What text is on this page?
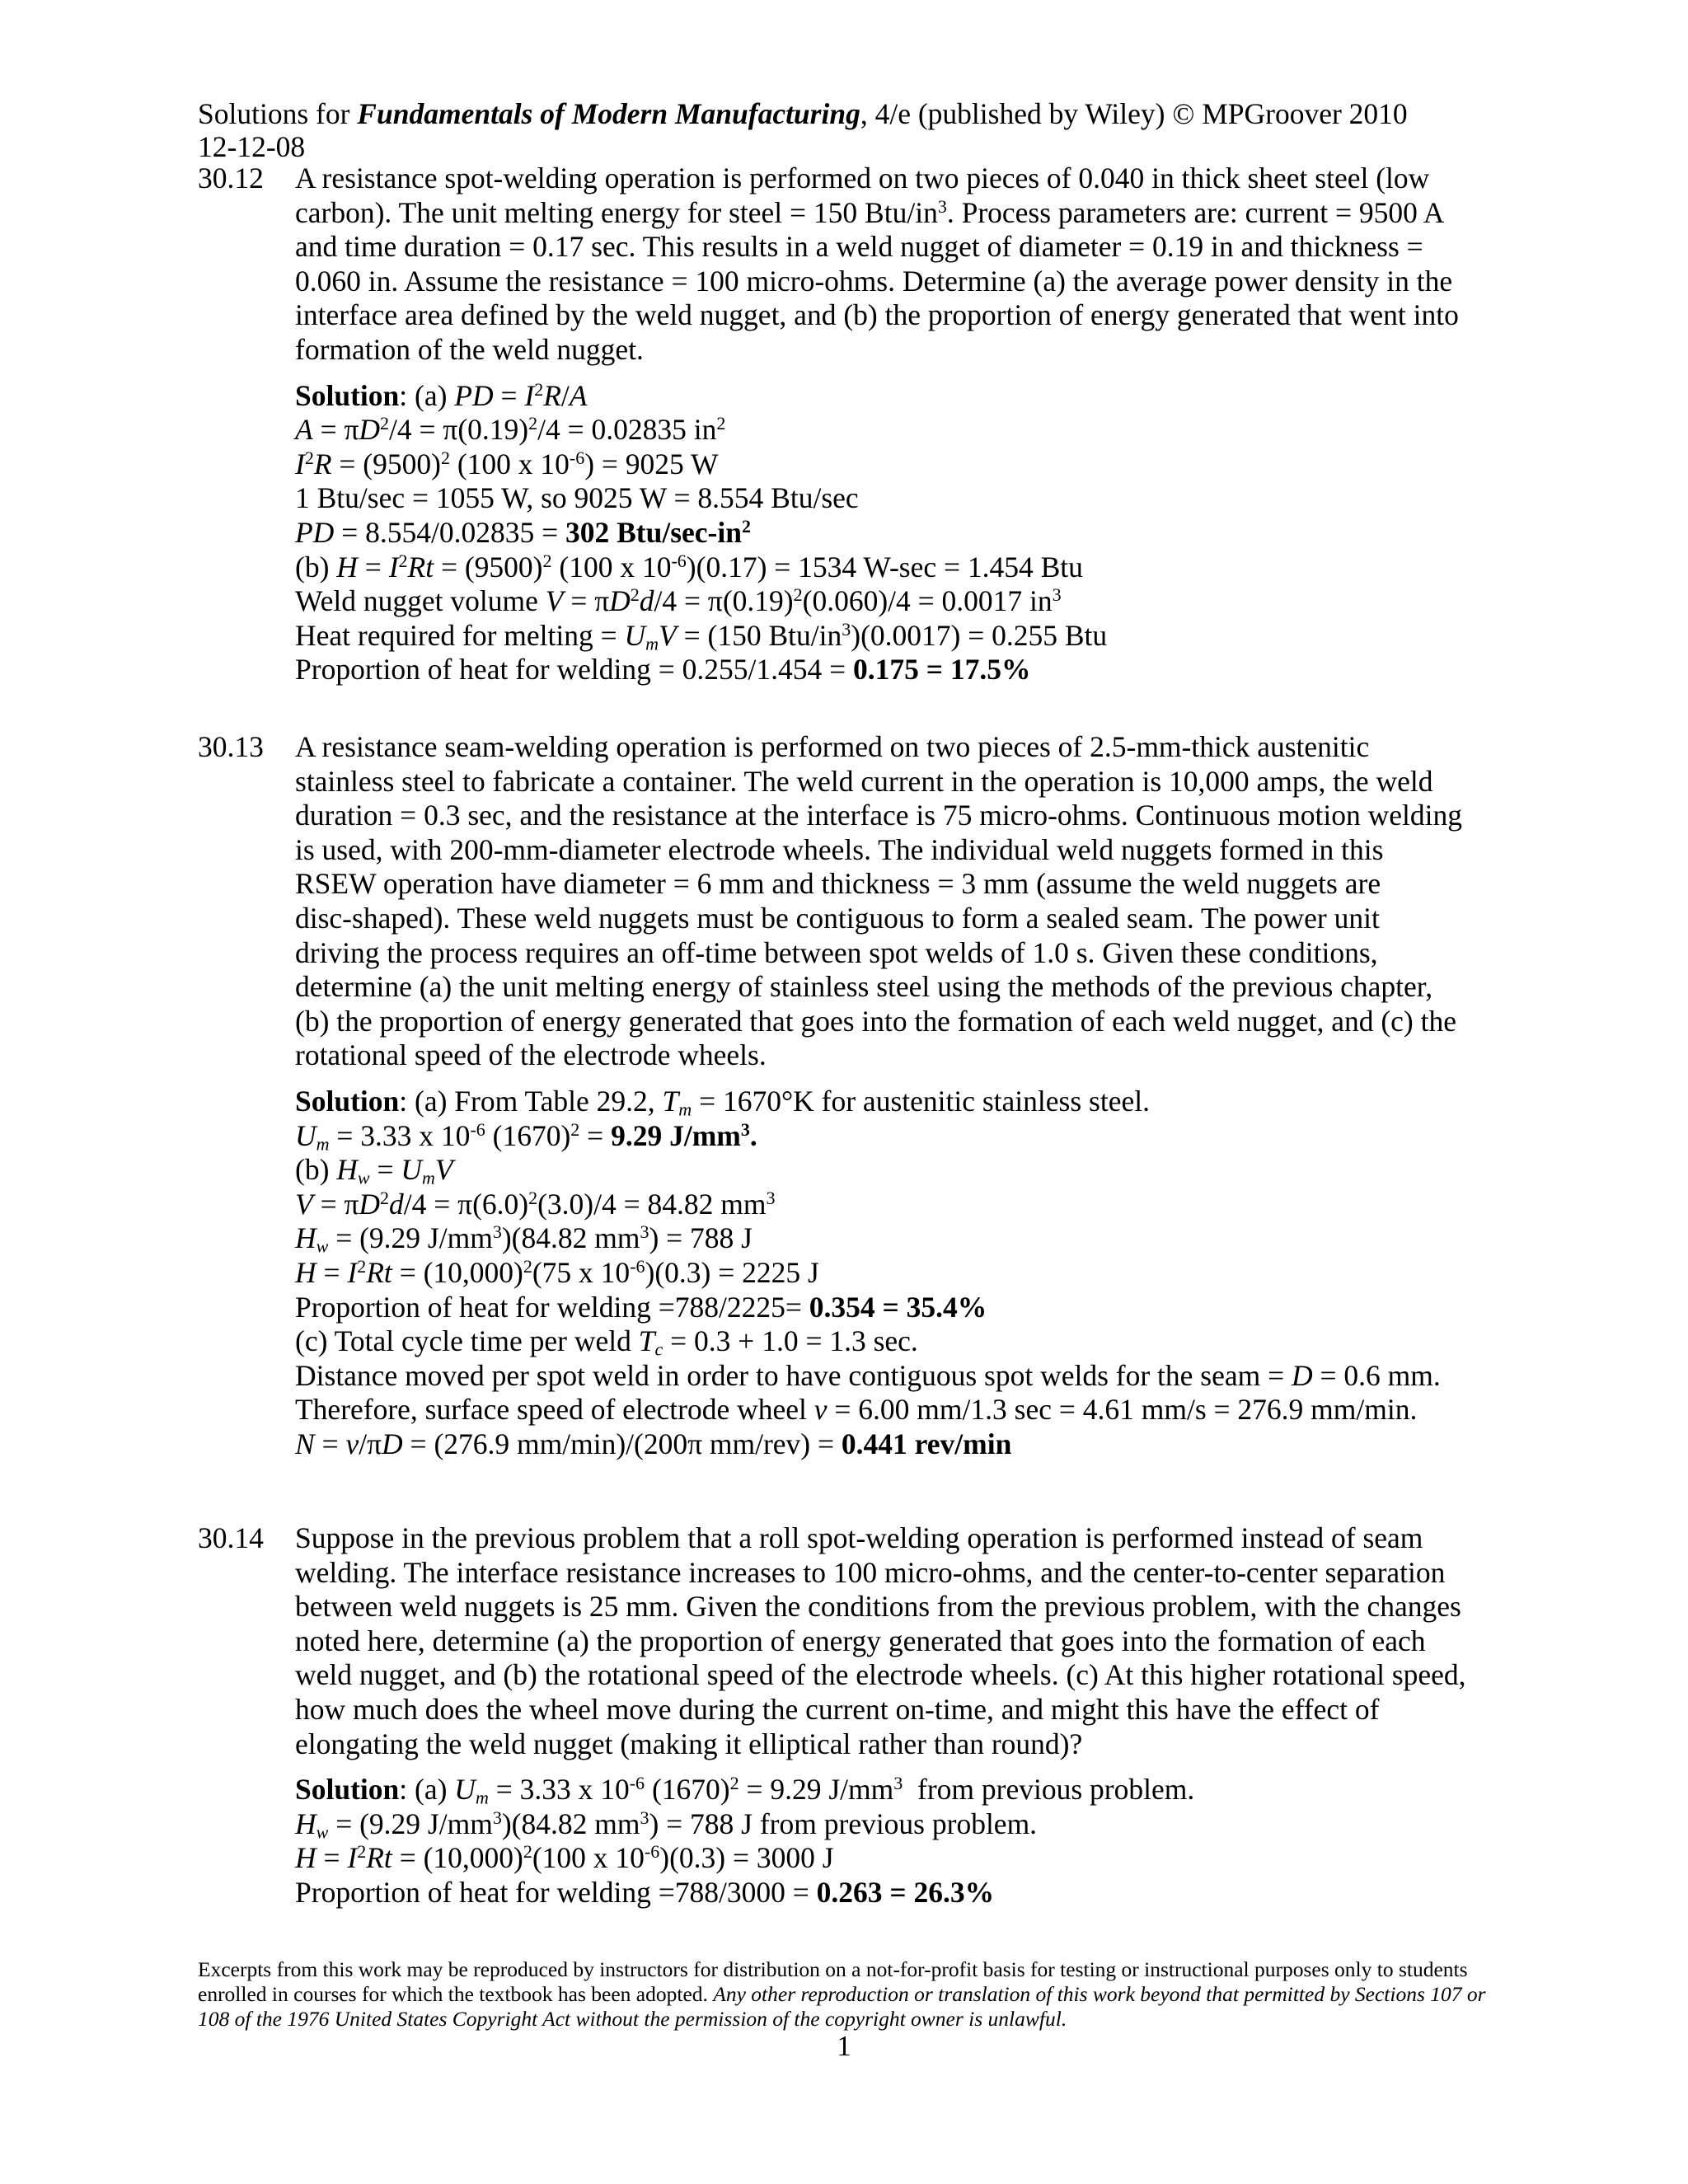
Solutions for Fundamentals of Modern Manufacturing, 4/e (published by Wiley) © MPGroover 2010
12-12-08
30.12 A resistance spot-welding operation is performed on two pieces of 0.040 in thick sheet steel (low
carbon). The unit melting energy for steel = 150 Btu/$in^3$. Process parameters are: current = 9500 A
and time duration = 0.17 sec. This results in a weld nugget of diameter = 0.19 in and thickness =
0.060 in. Assume the resistance = 100 micro-ohms. Determine (a) the average power density in the
interface area defined by the weld nugget, and (b) the proportion of energy generated that went into
formation of the weld nugget.

Solution: (a) PD = $I^2R/A$

$A = \pi D^2/4 = \pi(0.19)^2/4 = 0.02835$ $in^2$

$I^2R = (9500)^2$ (100 x $10^{-6}) = 9025$ W

1 Btu/sec = 1055 W, so 9025 W = 8.554 Btu/sec

PD = 8.554/0.02835 = 302 Btu/$\sec-in^2$

(b) $H = I^2Rt = (9500)^2$ (100 x $10^{-6})(0.17) = 1534$ W-sec = 1.454 Btu

Weld nugget volume $V = \pi D^2d/4 = \pi(0.19)^2(0.060)/4 = 0.0017$ $in^3$

Heat required for melting = $U_mV = (150$ Btu/$in^3)(0.0017) = 0.255$ Btu

Proportion of heat for welding = 0.255/1.454 = 0.175 = 17.5%

30.13 A resistance seam-welding operation is performed on two pieces of 2.5-mm-thick austenitic
stainless steel to fabricate a container. The weld current in the operation is 10,000 amps, the weld
duration = 0.3 sec, and the resistance at the interface is 75 micro-ohms. Continuous motion welding
is used, with 200-mm-diameter electrode wheels. The individual weld nuggets formed in this
RSEW operation have diameter = 6 mm and thickness = 3 mm (assume the weld nuggets are
disc-shaped). These weld nuggets must be contiguous to form a sealed seam. The power unit
driving the process requires an off-time between spot welds of 1.0 s. Given these conditions,
determine (a) the unit melting energy of stainless steel using the methods of the previous chapter,
(b) the proportion of energy generated that goes into the formation of each weld nugget, and (c) the
rotational speed of the electrode wheels.

Solution: (a) From Table 29.2, $T_m = 1670^\circ K$ for austenitic stainless steel.

$U_m = 3.33$ x $10^{-6}$ $(1670)^2 = 9.29$ $J/mm^3$.

(b) $H_w = U_mV$

$V = \pi D^2d/4 = \pi(6.0)^2(3.0)/4 = 84.82$ $mm^3$

$H_w = (9.29$ $J/mm^3)(84.82$ $mm^3) = 788$ J

$H = I^2Rt = (10,000)^2(75$ x $10^{-6})(0.3) = 2225$ J

Proportion of heat for welding =788/2225= 0.354 = 35.4%

(c) Total cycle time per weld $T_c = 0.3 + 1.0 = 1.3$ sec.

Distance moved per spot weld in order to have contiguous spot welds for the seam = D = 0.6 mm.

Therefore, surface speed of electrode wheel v = 6.00 mm/1.3 sec = 4.61 mm/s = 276.9 mm/min.

N = v/πD = (276.9 mm/min)/(200π mm/rev) = 0.441 rev/min

30.14 Suppose in the previous problem that a roll spot-welding operation is performed instead of seam
welding. The interface resistance increases to 100 micro-ohms, and the center-to-center separation
between weld nuggets is 25 mm. Given the conditions from the previous problem, with the changes
noted here, determine (a) the proportion of energy generated that goes into the formation of each
weld nugget, and (b) the rotational speed of the electrode wheels. (c) At this higher rotational speed,
how much does the wheel move during the current on-time, and might this have the effect of
elongating the weld nugget (making it elliptical rather than round)?

Solution: (a) $U_m = 3.33$ x $10^{-6}$ $(1670)^2 = 9.29$ $J/mm^3$  from previous problem.

$H_w = (9.29$ $J/mm^3)(84.82$ $mm^3) = 788$ J from previous problem.

$H = I^2Rt = (10,000)^2(100$ x $10^{-6})(0.3) = 3000$ J

Proportion of heat for welding =788/3000 = 0.263 = 26.3%

Excerpts from this work may be reproduced by instructors for distribution on a not-for-profit basis for testing or instructional purposes only to students enrolled in courses for which the textbook has been adopted. Any other reproduction or translation of this work beyond that permitted by Sections 107 or 108 of the 1976 United States Copyright Act without the permission of the copyright owner is unlawful.
1
